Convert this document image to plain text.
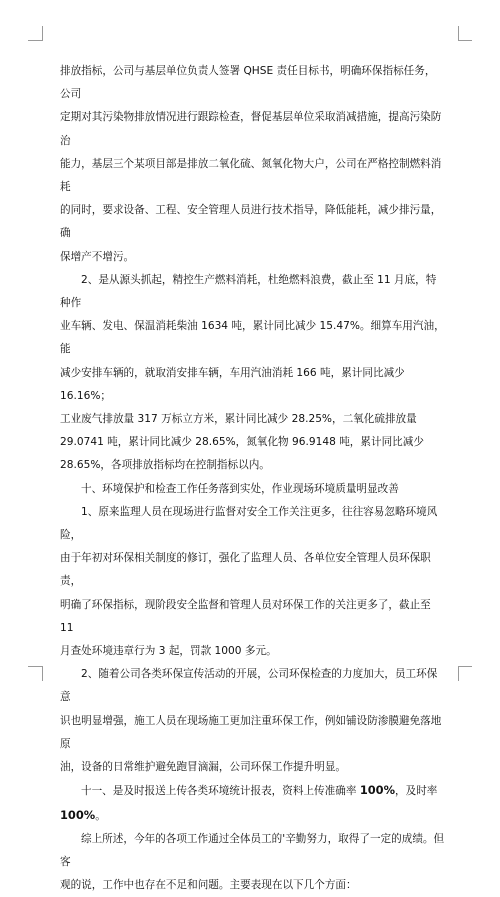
排放指标，公司与基层单位负责人签署 QHSE 责任目标书，明确环保指标任务，公司

定期对其污染物排放情况进行跟踪检查，督促基层单位采取消减措施，提高污染防治

能力，基层三个某项目部是排放二氧化硫、氮氧化物大户，公司在严格控制燃料消耗

的同时，要求设备、工程、安全管理人员进行技术指导，降低能耗，减少排污量，确

保增产不增污。

2、是从源头抓起，精控生产燃料消耗，杜绝燃料浪费，截止至 11 月底，特种作

业车辆、发电、保温消耗柴油 1634 吨，累计同比减少 15.47%。细算车用汽油，能

减少安排车辆的，就取消安排车辆，车用汽油消耗 166 吨，累计同比减少 16.16%；

工业废气排放量 317 万标立方米，累计同比减少 28.25%，二氧化硫排放量

29.0741 吨，累计同比减少 28.65%，氮氧化物 96.9148 吨，累计同比减少

28.65%，各项排放指标均在控制指标以内。

十、环境保护和检查工作任务落到实处，作业现场环境质量明显改善

1、原来监理人员在现场进行监督对安全工作关注更多，往往容易忽略环境风险，

由于年初对环保相关制度的修订，强化了监理人员、各单位安全管理人员环保职责，

明确了环保指标，现阶段安全监督和管理人员对环保工作的关注更多了，截止至 11

月查处环境违章行为 3 起，罚款 1000 多元。

2、随着公司各类环保宣传活动的开展，公司环保检查的力度加大，员工环保意

识也明显增强，施工人员在现场施工更加注重环保工作，例如铺设防渗膜避免落地原

油，设备的日常维护避免跑冒滴漏，公司环保工作提升明显。

十一、是及时报送上传各类环境统计报表，资料上传准确率 100%，及时率

100%。

综上所述，今年的各项工作通过全体员工的'辛勤努力，取得了一定的成绩。但客

观的说，工作中也存在不足和问题。主要表现在以下几个方面：
